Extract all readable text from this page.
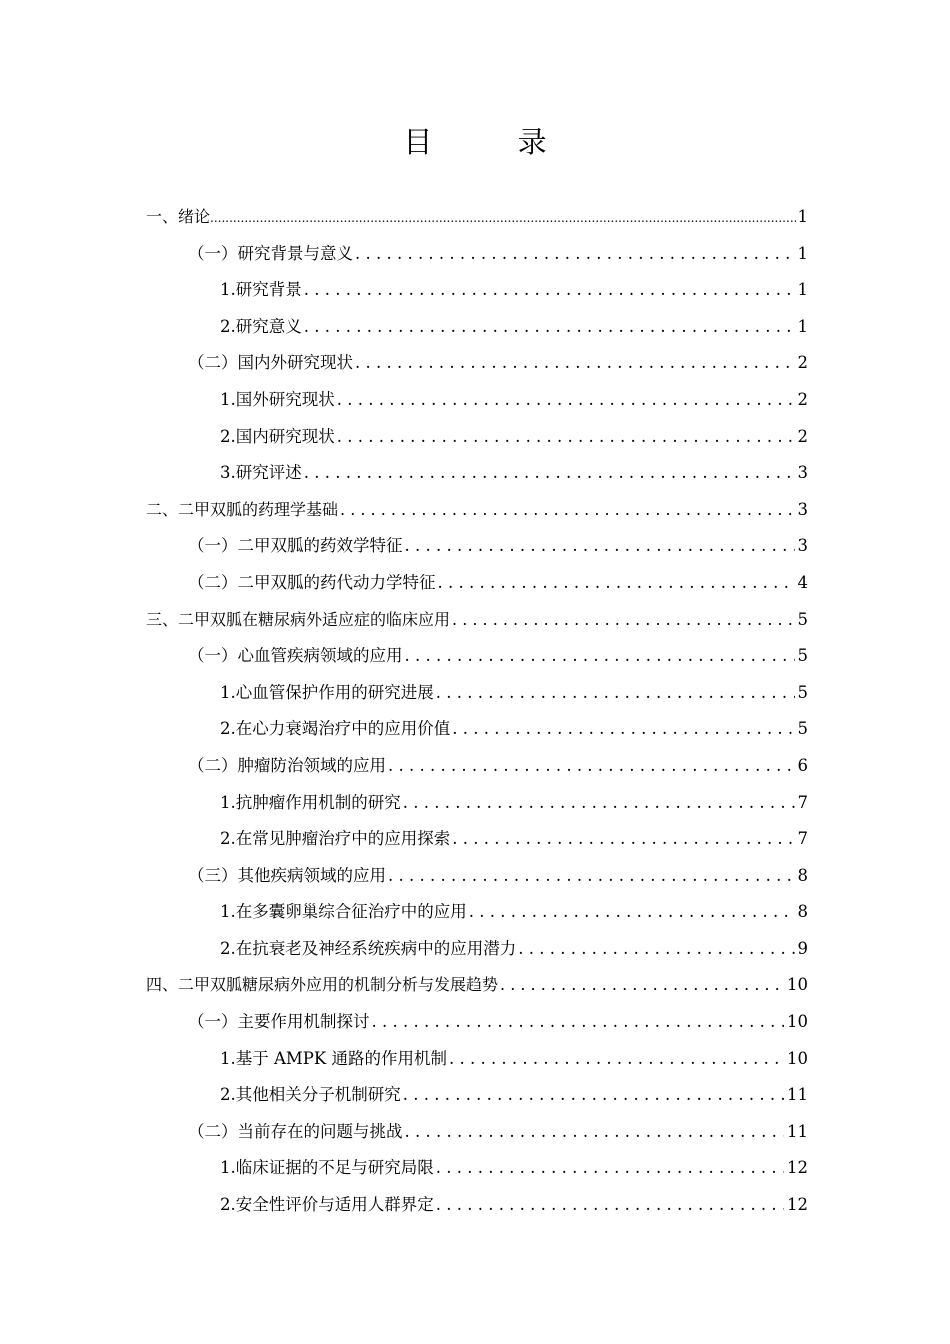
目 录
一、绪论 .....	1
（一）研究背景与意义 . . .	1
1. 研究背景 . . .	1
2. 研究意义 . . .	1
（二）国内外研究现状 . . .	2
1. 国外研究现状 . . .	2
2. 国内研究现状 . . .	2
3. 研究评述 . . .	3
二、二甲双胍的药理学基础 . . .	3
（一）二甲双胍的药效学特征 . . .	3
（二）二甲双胍的药代动力学特征 . . .	4
三、二甲双胍在糖尿病外适应症的临床应用 . . .	5
（一）心血管疾病领域的应用 . . .	5
1. 心血管保护作用的研究进展 . . .	5
2. 在心力衰竭治疗中的应用价值 . . .	5
（二）肿瘤防治领域的应用 . . .	6
1. 抗肿瘤作用机制的研究 . . .	7
2. 在常见肿瘤治疗中的应用探索 . . .	7
（三）其他疾病领域的应用 . . .	8
1. 在多囊卵巢综合征治疗中的应用 . . .	8
2. 在抗衰老及神经系统疾病中的应用潜力 . . .	9
四、二甲双胍糖尿病外应用的机制分析与发展趋势 . . .	10
（一）主要作用机制探讨 . . .	10
1. 基于 AMPK 通路的作用机制 . . .	10
2. 其他相关分子机制研究 . . .	11
（二）当前存在的问题与挑战 . . .	11
1. 临床证据的不足与研究局限 . . .	12
2. 安全性评价与适用人群界定 . . .	12
